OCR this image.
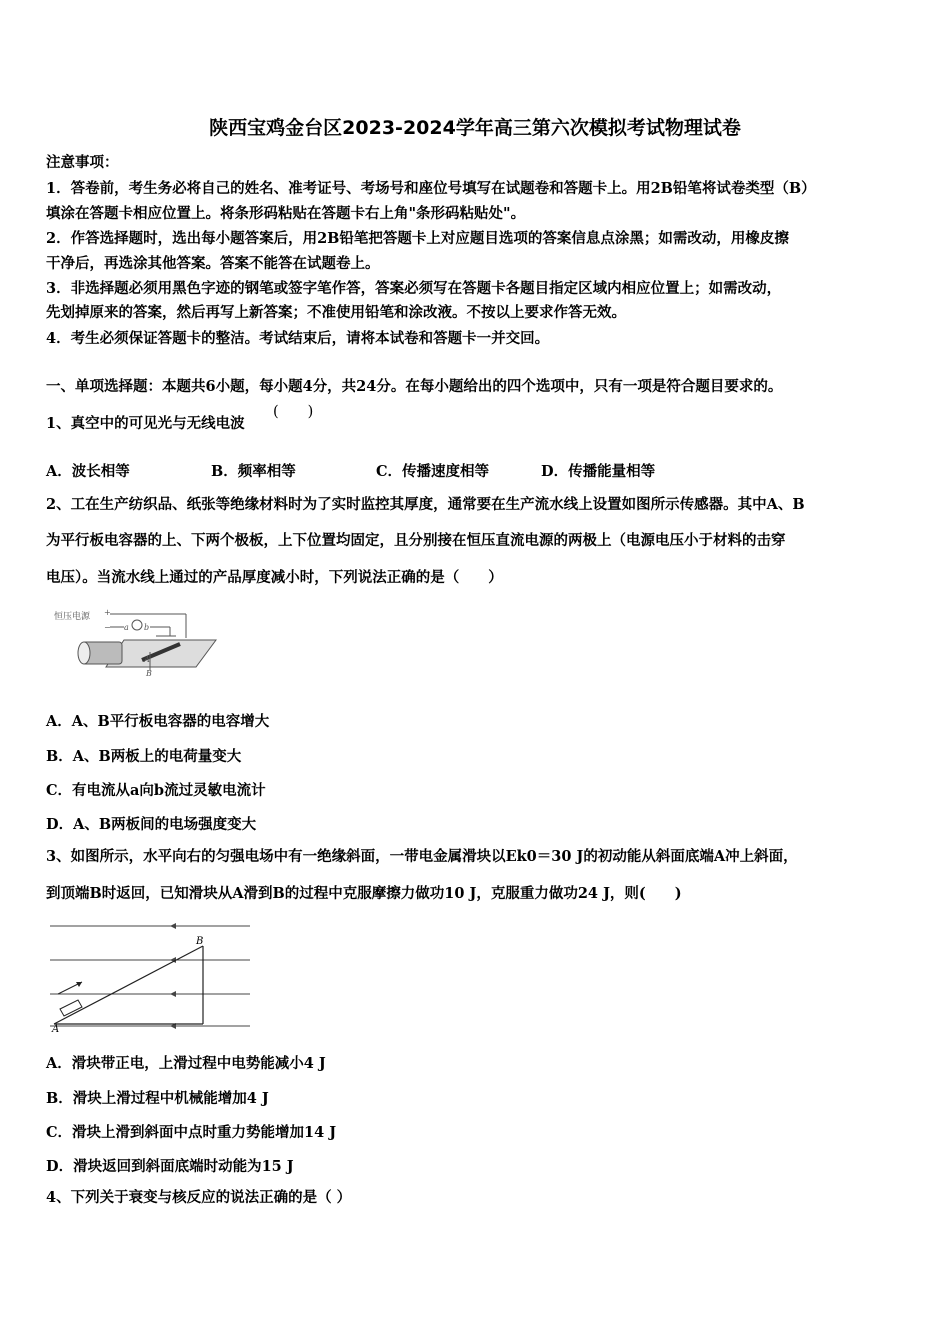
陕西宝鸡金台区2023-2024学年高三第六次模拟考试物理试卷
注意事项：
1．答卷前，考生务必将自己的姓名、准考证号、考场号和座位号填写在试题卷和答题卡上。用2B铅笔将试卷类型（B）
填涂在答题卡相应位置上。将条形码粘贴在答题卡右上角"条形码粘贴处"。
2．作答选择题时，选出每小题答案后，用2B铅笔把答题卡上对应题目选项的答案信息点涂黑；如需改动，用橡皮擦
干净后，再选涂其他答案。答案不能答在试题卷上。
3．非选择题必须用黑色字迹的钢笔或签字笔作答，答案必须写在答题卡各题目指定区域内相应位置上；如需改动，
先划掉原来的答案，然后再写上新答案；不准使用铅笔和涂改液。不按以上要求作答无效。
4．考生必须保证答题卡的整洁。考试结束后，请将本试卷和答题卡一并交回。
一、单项选择题：本题共6小题，每小题4分，共24分。在每小题给出的四个选项中，只有一项是符合题目要求的。
1、真空中的可见光与无线电波
(　　)
A．波长相等	B．频率相等	C．传播速度相等	D．传播能量相等
2、工在生产纺织品、纸张等绝缘材料时为了实时监控其厚度，通常要在生产流水线上设置如图所示传感器。其中A、B
为平行板电容器的上、下两个极板，上下位置均固定，且分别接在恒压直流电源的两极上（电源电压小于材料的击穿
电压）。当流水线上通过的产品厚度减小时，下列说法正确的是（　　）
恒压电源 +
− a b
A
B
A．A、B平行板电容器的电容增大
B．A、B两板上的电荷量变大
C．有电流从a向b流过灵敏电流计
D．A、B两板间的电场强度变大
3、如图所示，水平向右的匀强电场中有一绝缘斜面，一带电金属滑块以Ek0＝30 J的初动能从斜面底端A冲上斜面，
到顶端B时返回，已知滑块从A滑到B的过程中克服摩擦力做功10 J，克服重力做功24 J，则(　　)
A
B
A．滑块带正电，上滑过程中电势能减小4 J
B．滑块上滑过程中机械能增加4 J
C．滑块上滑到斜面中点时重力势能增加14 J
D．滑块返回到斜面底端时动能为15 J
4、下列关于衰变与核反应的说法正确的是（ ）
